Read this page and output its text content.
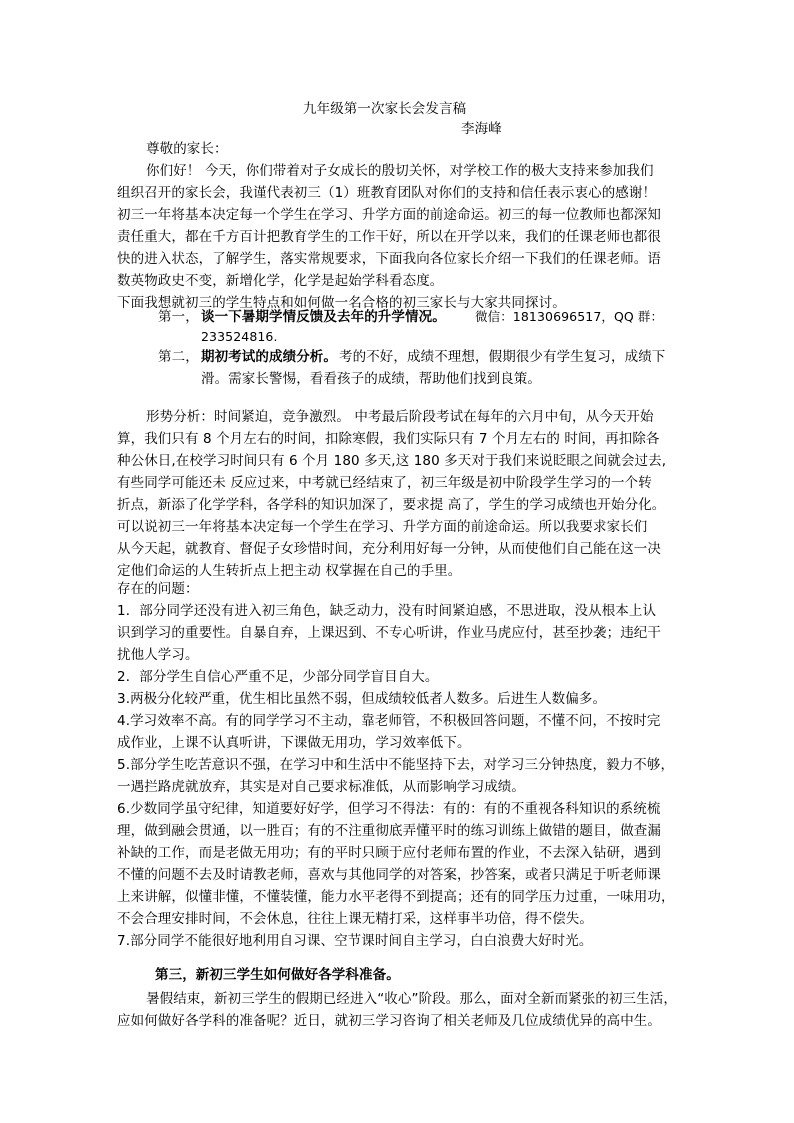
九年级第一次家长会发言稿
李海峰
尊敬的家长：
你们好！ 今天，你们带着对子女成长的殷切关怀，对学校工作的极大支持来参加我们
组织召开的家长会，我谨代表初三（1）班教育团队对你们的支持和信任表示衷心的感谢！
初三一年将基本决定每一个学生在学习、升学方面的前途命运。初三的每一位教师也都深知
责任重大，都在千方百计把教育学生的工作干好，所以在开学以来，我们的任课老师也都很
快的进入状态，了解学生，落实常规要求，下面我向各位家长介绍一下我们的任课老师。语
数英物政史不变，新增化学，化学是起始学科看态度。
下面我想就初三的学生特点和如何做一名合格的初三家长与大家共同探讨。
第一， 谈一下暑期学情反馈及去年的升学情况。 微信：18130696517，QQ 群：
233524816.
第二， 期初考试的成绩分析。 考的不好，成绩不理想，假期很少有学生复习，成绩下
滑。需家长警惕，看看孩子的成绩，帮助他们找到良策。
形势分析：时间紧迫，竞争激烈。 中考最后阶段考试在每年的六月中旬，从今天开始
算，我们只有 8 个月左右的时间，扣除寒假，我们实际只有 7 个月左右的 时间，再扣除各
种公休日,在校学习时间只有 6 个月 180 多天,这 180 多天对于我们来说眨眼之间就会过去,
有些同学可能还未 反应过来，中考就已经结束了，初三年级是初中阶段学生学习的一个转
折点，新添了化学学科，各学科的知识加深了，要求提 高了，学生的学习成绩也开始分化。
可以说初三一年将基本决定每一个学生在学习、升学方面的前途命运。所以我要求家长们
从今天起，就教育、督促子女珍惜时间，充分利用好每一分钟，从而使他们自己能在这一决
定他们命运的人生转折点上把主动 权掌握在自己的手里。
存在的问题：
1．部分同学还没有进入初三角色，缺乏动力，没有时间紧迫感，不思进取，没从根本上认
识到学习的重要性。自暴自弃，上课迟到、不专心听讲，作业马虎应付，甚至抄袭；违纪干
扰他人学习。
2．部分学生自信心严重不足，少部分同学盲目自大。
3.两极分化较严重，优生相比虽然不弱，但成绩较低者人数多。后进生人数偏多。
4.学习效率不高。有的同学学习不主动，靠老师管，不积极回答问题，不懂不问，不按时完
成作业，上课不认真听讲，下课做无用功，学习效率低下。
5.部分学生吃苦意识不强，在学习中和生活中不能坚持下去，对学习三分钟热度，毅力不够，
一遇拦路虎就放弃，其实是对自己要求标准低，从而影响学习成绩。
6.少数同学虽守纪律，知道要好好学，但学习不得法：有的：有的不重视各科知识的系统梳
理，做到融会贯通，以一胜百；有的不注重彻底弄懂平时的练习训练上做错的题目，做查漏
补缺的工作，而是老做无用功；有的平时只顾于应付老师布置的作业，不去深入钻研，遇到
不懂的问题不去及时请教老师，喜欢与其他同学的对答案，抄答案，或者只满足于听老师课
上来讲解，似懂非懂，不懂装懂，能力水平老得不到提高；还有的同学压力过重，一味用功，
不会合理安排时间，不会休息，往往上课无精打采，这样事半功倍，得不偿失。
7.部分同学不能很好地利用自习课、空节课时间自主学习，白白浪费大好时光。
第三，新初三学生如何做好各学科准备。
暑假结束，新初三学生的假期已经进入“收心”阶段。那么，面对全新而紧张的初三生活，
应如何做好各学科的准备呢？近日，就初三学习咨询了相关老师及几位成绩优异的高中生。
